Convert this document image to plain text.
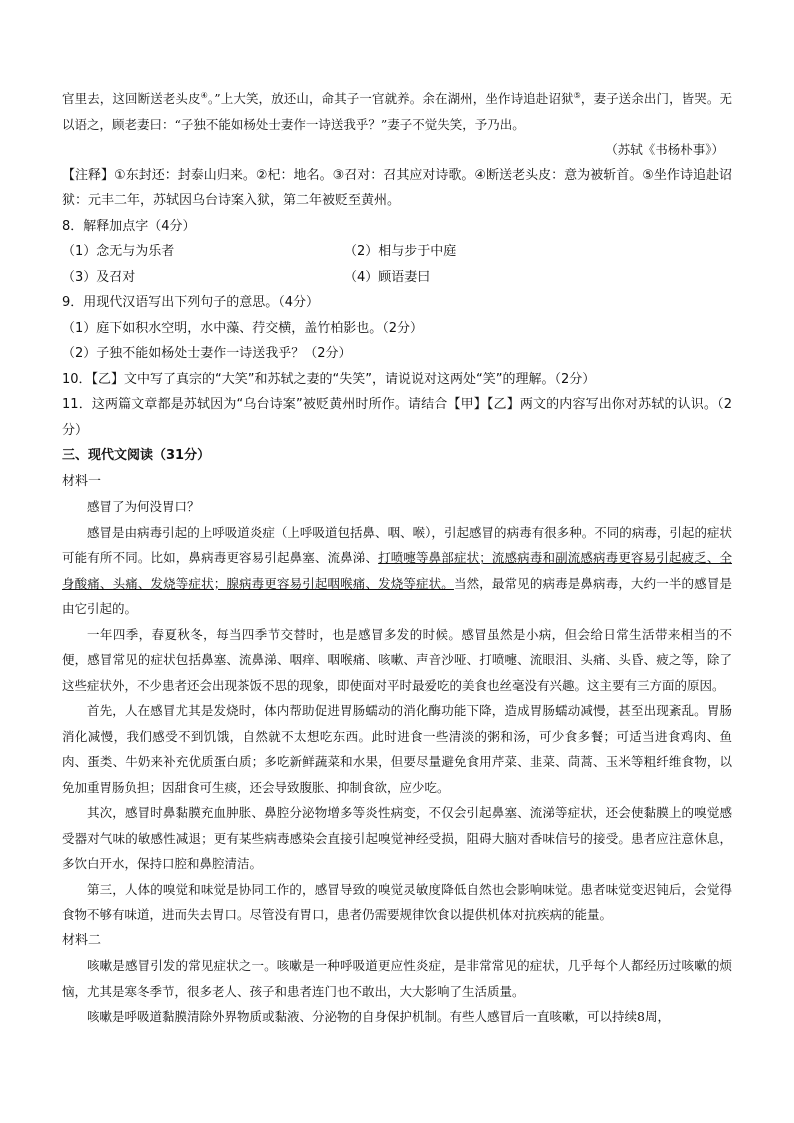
官里去，这回断送老头皮④。”上大笑，放还山，命其子一官就养。余在湖州，坐作诗追赴诏狱⑤，妻子送余出门，皆哭。无以语之，顾老妻曰：“子独不能如杨处士妻作一诗送我乎？”妻子不觉失笑，予乃出。

（苏轼《书杨朴事》）

【注释】①东封还：封泰山归来。②杞：地名。③召对：召其应对诗歌。④断送老头皮：意为被斩首。⑤坐作诗追赴诏狱：元丰二年，苏轼因乌台诗案入狱，第二年被贬至黄州。

8．解释加点字（4分）

（1）念无与为乐者	（2）相与步于中庭
（3）及召对	（4）顾语妻曰

9．用现代汉语写出下列句子的意思。（4分）

（1）庭下如积水空明，水中藻、荇交横，盖竹柏影也。（2分）

（2）子独不能如杨处士妻作一诗送我乎？（2分）

10．【乙】文中写了真宗的“大笑”和苏轼之妻的“失笑”，请说说对这两处“笑”的理解。（2分）

11．这两篇文章都是苏轼因为“乌台诗案”被贬黄州时所作。请结合【甲】【乙】两文的内容写出你对苏轼的认识。（2分）

三、现代文阅读（31分）

材料一

感冒了为何没胃口？

感冒是由病毒引起的上呼吸道炎症（上呼吸道包括鼻、咽、喉），引起感冒的病毒有很多种。不同的病毒，引起的症状可能有所不同。比如，鼻病毒更容易引起鼻塞、流鼻涕、打喷嚏等鼻部症状；流感病毒和副流感病毒更容易引起疲乏、全身酸痛、头痛、发烧等症状；腺病毒更容易引起咽喉痛、发烧等症状。当然，最常见的病毒是鼻病毒，大约一半的感冒是由它引起的。

一年四季，春夏秋冬，每当四季节交替时，也是感冒多发的时候。感冒虽然是小病，但会给日常生活带来相当的不便，感冒常见的症状包括鼻塞、流鼻涕、咽痒、咽喉痛、咳嗽、声音沙哑、打喷嚏、流眼泪、头痛、头昏、疲之等，除了这些症状外，不少患者还会出现茶饭不思的现象，即使面对平时最爱吃的美食也丝毫没有兴趣。这主要有三方面的原因。

首先，人在感冒尤其是发烧时，体内帮助促进胃肠蠕动的消化酶功能下降，造成胃肠蠕动减慢，甚至出现紊乱。胃肠消化减慢，我们感受不到饥饿，自然就不太想吃东西。此时进食一些清淡的粥和汤，可少食多餐；可适当进食鸡肉、鱼肉、蛋类、牛奶来补充优质蛋白质；多吃新鲜蔬菜和水果，但要尽量避免食用芹菜、韭菜、茼蒿、玉米等粗纤维食物，以免加重胃肠负担；因甜食可生痰，还会导致腹胀、抑制食欲，应少吃。

其次，感冒时鼻黏膜充血肿胀、鼻腔分泌物增多等炎性病变，不仅会引起鼻塞、流涕等症状，还会使黏膜上的嗅觉感受器对气味的敏感性减退；更有某些病毒感染会直接引起嗅觉神经受损，阻碍大脑对香味信号的接受。患者应注意休息，多饮白开水，保持口腔和鼻腔清洁。

第三，人体的嗅觉和味觉是协同工作的，感冒导致的嗅觉灵敏度降低自然也会影响味觉。患者味觉变迟钝后，会觉得食物不够有味道，进而失去胃口。尽管没有胃口，患者仍需要规律饮食以提供机体对抗疾病的能量。

材料二

咳嗽是感冒引发的常见症状之一。咳嗽是一种呼吸道更应性炎症，是非常常见的症状，几乎每个人都经历过咳嗽的烦恼，尤其是寒冬季节，很多老人、孩子和患者连门也不敢出，大大影响了生活质量。

咳嗽是呼吸道黏膜清除外界物质或黏液、分泌物的自身保护机制。有些人感冒后一直咳嗽，可以持续8周，
